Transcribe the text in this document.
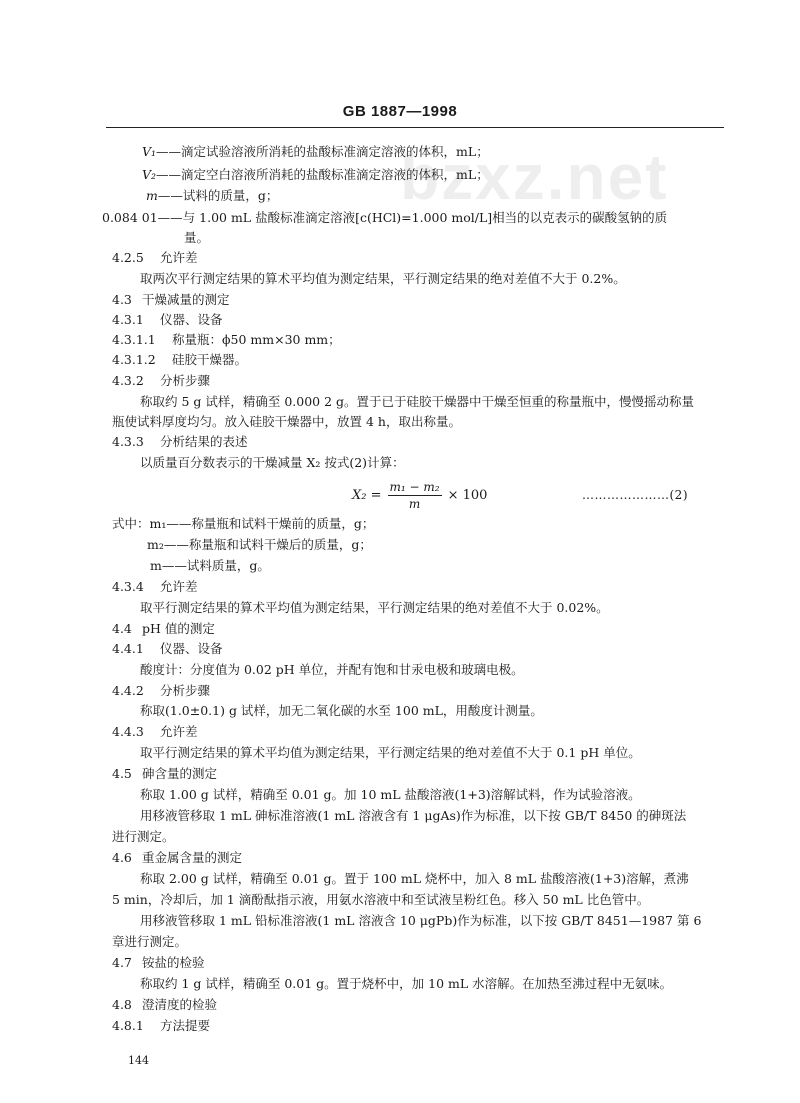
GB 1887—1998
bzxz.net
V₁——滴定试验溶液所消耗的盐酸标准滴定溶液的体积，mL；
V₂——滴定空白溶液所消耗的盐酸标准滴定溶液的体积，mL；
m——试料的质量，g；
0.084 01——与 1.00 mL 盐酸标准滴定溶液[c(HCl)=1.000 mol/L]相当的以克表示的碳酸氢钠的质
量。
4.2.5 允许差
取两次平行测定结果的算术平均值为测定结果，平行测定结果的绝对差值不大于 0.2%。
4.3 干燥减量的测定
4.3.1 仪器、设备
4.3.1.1 称量瓶：ϕ50 mm×30 mm；
4.3.1.2 硅胶干燥器。
4.3.2 分析步骤
称取约 5 g 试样，精确至 0.000 2 g。置于已于硅胶干燥器中干燥至恒重的称量瓶中，慢慢摇动称量
瓶使试料厚度均匀。放入硅胶干燥器中，放置 4 h，取出称量。
4.3.3 分析结果的表述
以质量百分数表示的干燥减量 X₂ 按式(2)计算：
$X_2 = \frac{\text{m₁ − m₂}}{m} \times 100$	…………………(2)
式中：m₁——称量瓶和试料干燥前的质量，g；
m₂——称量瓶和试料干燥后的质量，g；
m——试料质量，g。
4.3.4 允许差
取平行测定结果的算术平均值为测定结果，平行测定结果的绝对差值不大于 0.02%。
4.4 pH 值的测定
4.4.1 仪器、设备
酸度计：分度值为 0.02 pH 单位，并配有饱和甘汞电极和玻璃电极。
4.4.2 分析步骤
称取(1.0±0.1) g 试样，加无二氧化碳的水至 100 mL，用酸度计测量。
4.4.3 允许差
取平行测定结果的算术平均值为测定结果，平行测定结果的绝对差值不大于 0.1 pH 单位。
4.5 砷含量的测定
称取 1.00 g 试样，精确至 0.01 g。加 10 mL 盐酸溶液(1+3)溶解试料，作为试验溶液。
用移液管移取 1 mL 砷标准溶液(1 mL 溶液含有 1 μgAs)作为标准，以下按 GB/T 8450 的砷斑法
进行测定。
4.6 重金属含量的测定
称取 2.00 g 试样，精确至 0.01 g。置于 100 mL 烧杯中，加入 8 mL 盐酸溶液(1+3)溶解，煮沸
5 min，冷却后，加 1 滴酚酞指示液，用氨水溶液中和至试液呈粉红色。移入 50 mL 比色管中。
用移液管移取 1 mL 铅标准溶液(1 mL 溶液含 10 μgPb)作为标准，以下按 GB/T 8451—1987 第 6
章进行测定。
4.7 铵盐的检验
称取约 1 g 试样，精确至 0.01 g。置于烧杯中，加 10 mL 水溶解。在加热至沸过程中无氨味。
4.8 澄清度的检验
4.8.1 方法提要
144
